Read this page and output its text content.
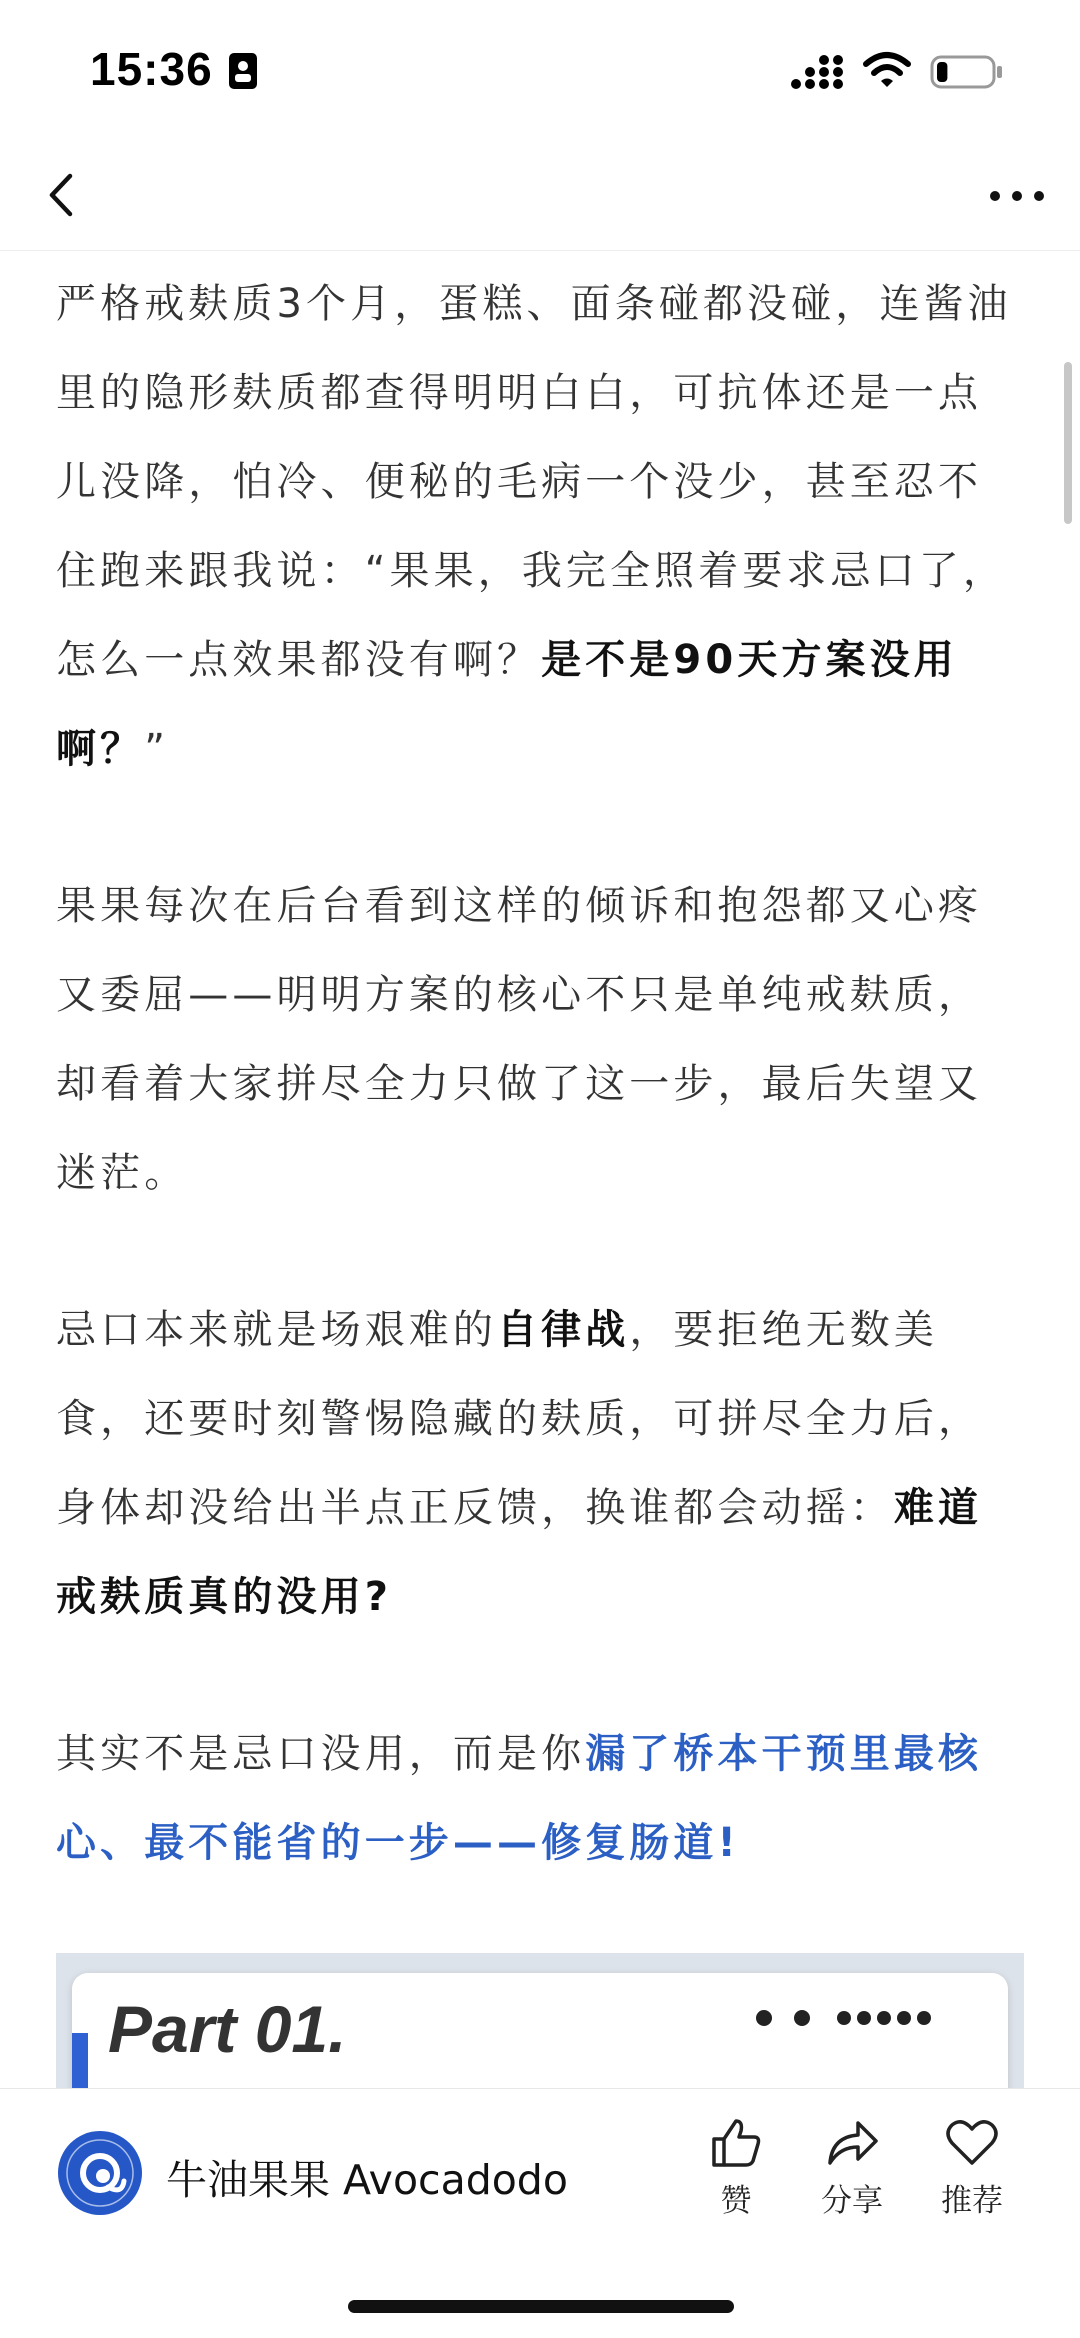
15:36

严格戒麸质3个月，蛋糕、面条碰都没碰，连酱油里的隐形麸质都查得明明白白，可抗体还是一点儿没降，怕冷、便秘的毛病一个没少，甚至忍不住跑来跟我说：“果果，我完全照着要求忌口了，怎么一点效果都没有啊？是不是90天方案没用啊？”

果果每次在后台看到这样的倾诉和抱怨都又心疼又委屈——明明方案的核心不只是单纯戒麸质，却看着大家拼尽全力只做了这一步，最后失望又迷茫。

忌口本来就是场艰难的自律战，要拒绝无数美食，还要时刻警惕隐藏的麸质，可拼尽全力后，身体却没给出半点正反馈，换谁都会动摇：难道戒麸质真的没用?

其实不是忌口没用，而是你漏了桥本干预里最核心、最不能省的一步——修复肠道!

Part 01.
牛油果果 Avocadodo	赞	分享	推荐
